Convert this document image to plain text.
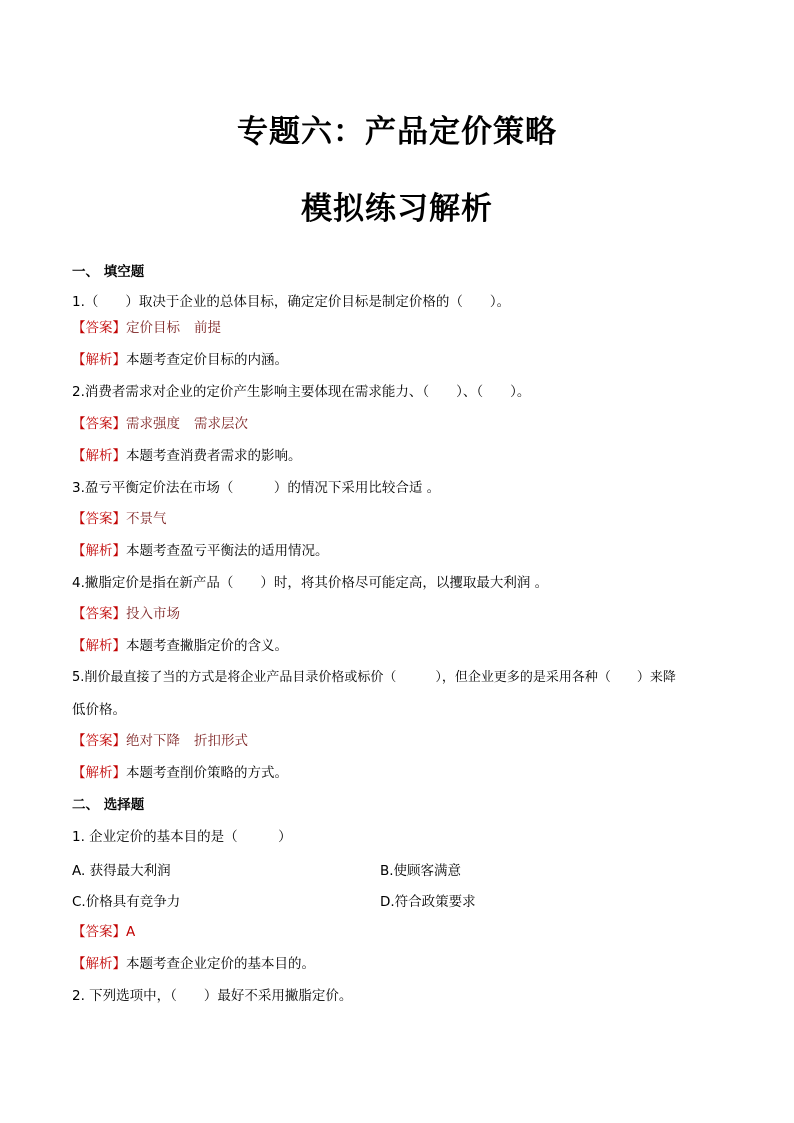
专题六：产品定价策略
模拟练习解析
一、 填空题
1.（　　）取决于企业的总体目标，确定定价目标是制定价格的（　　）。
【答案】定价目标 前提
【解析】本题考查定价目标的内涵。
2.消费者需求对企业的定价产生影响主要体现在需求能力、（　　）、（　　）。
【答案】需求强度 需求层次
【解析】本题考查消费者需求的影响。
3.盈亏平衡定价法在市场（　　　）的情况下采用比较合适 。
【答案】不景气
【解析】本题考查盈亏平衡法的适用情况。
4.撇脂定价是指在新产品（　　）时，将其价格尽可能定高，以攫取最大利润 。
【答案】投入市场
【解析】本题考查撇脂定价的含义。
5.削价最直接了当的方式是将企业产品目录价格或标价（　　　），但企业更多的是采用各种（　　）来降
低价格。
【答案】绝对下降 折扣形式
【解析】本题考查削价策略的方式。
二、 选择题
1. 企业定价的基本目的是（　　　）
A. 获得最大利润	B.使顾客满意
C.价格具有竞争力	D.符合政策要求
【答案】A
【解析】本题考查企业定价的基本目的。
2. 下列选项中，（　　）最好不采用撇脂定价。
